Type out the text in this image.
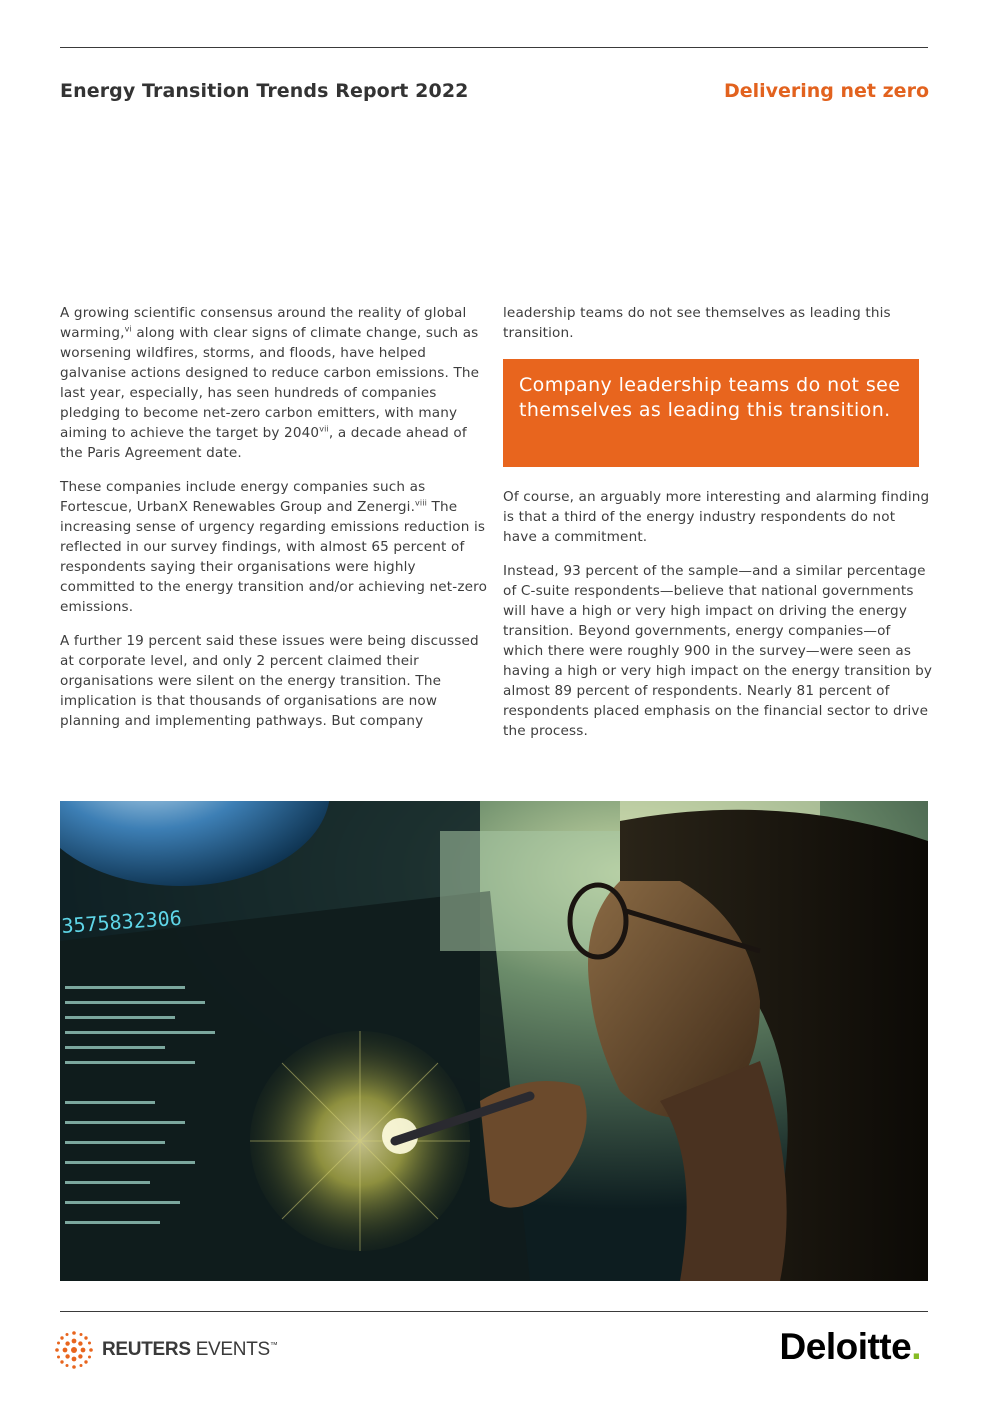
Energy Transition Trends Report 2022	Delivering net zero

A growing scientific consensus around the reality of global warming,$^{vi}$ along with clear signs of climate change, such as worsening wildfires, storms, and floods, have helped galvanise actions designed to reduce carbon emissions. The last year, especially, has seen hundreds of companies pledging to become net-zero carbon emitters, with many aiming to achieve the target by 2040$^{vii}$, a decade ahead of the Paris Agreement date.

These companies include energy companies such as Fortescue, UrbanX Renewables Group and Zenergi.$^{viii}$ The increasing sense of urgency regarding emissions reduction is reflected in our survey findings, with almost 65 percent of respondents saying their organisations were highly committed to the energy transition and/or achieving net-zero emissions.

A further 19 percent said these issues were being discussed at corporate level, and only 2 percent claimed their organisations were silent on the energy transition. The implication is that thousands of organisations are now planning and implementing pathways. But company

leadership teams do not see themselves as leading this transition.

Company leadership teams do not see themselves as leading this transition.

Of course, an arguably more interesting and alarming finding is that a third of the energy industry respondents do not have a commitment.

Instead, 93 percent of the sample—and a similar percentage of C-suite respondents—believe that national governments will have a high or very high impact on driving the energy transition. Beyond governments, energy companies—of which there were roughly 900 in the survey—were seen as having a high or very high impact on the energy transition by almost 89 percent of respondents. Nearly 81 percent of respondents placed emphasis on the financial sector to drive the process.

3575832306
REUTERS EVENTS™	Deloitte.
